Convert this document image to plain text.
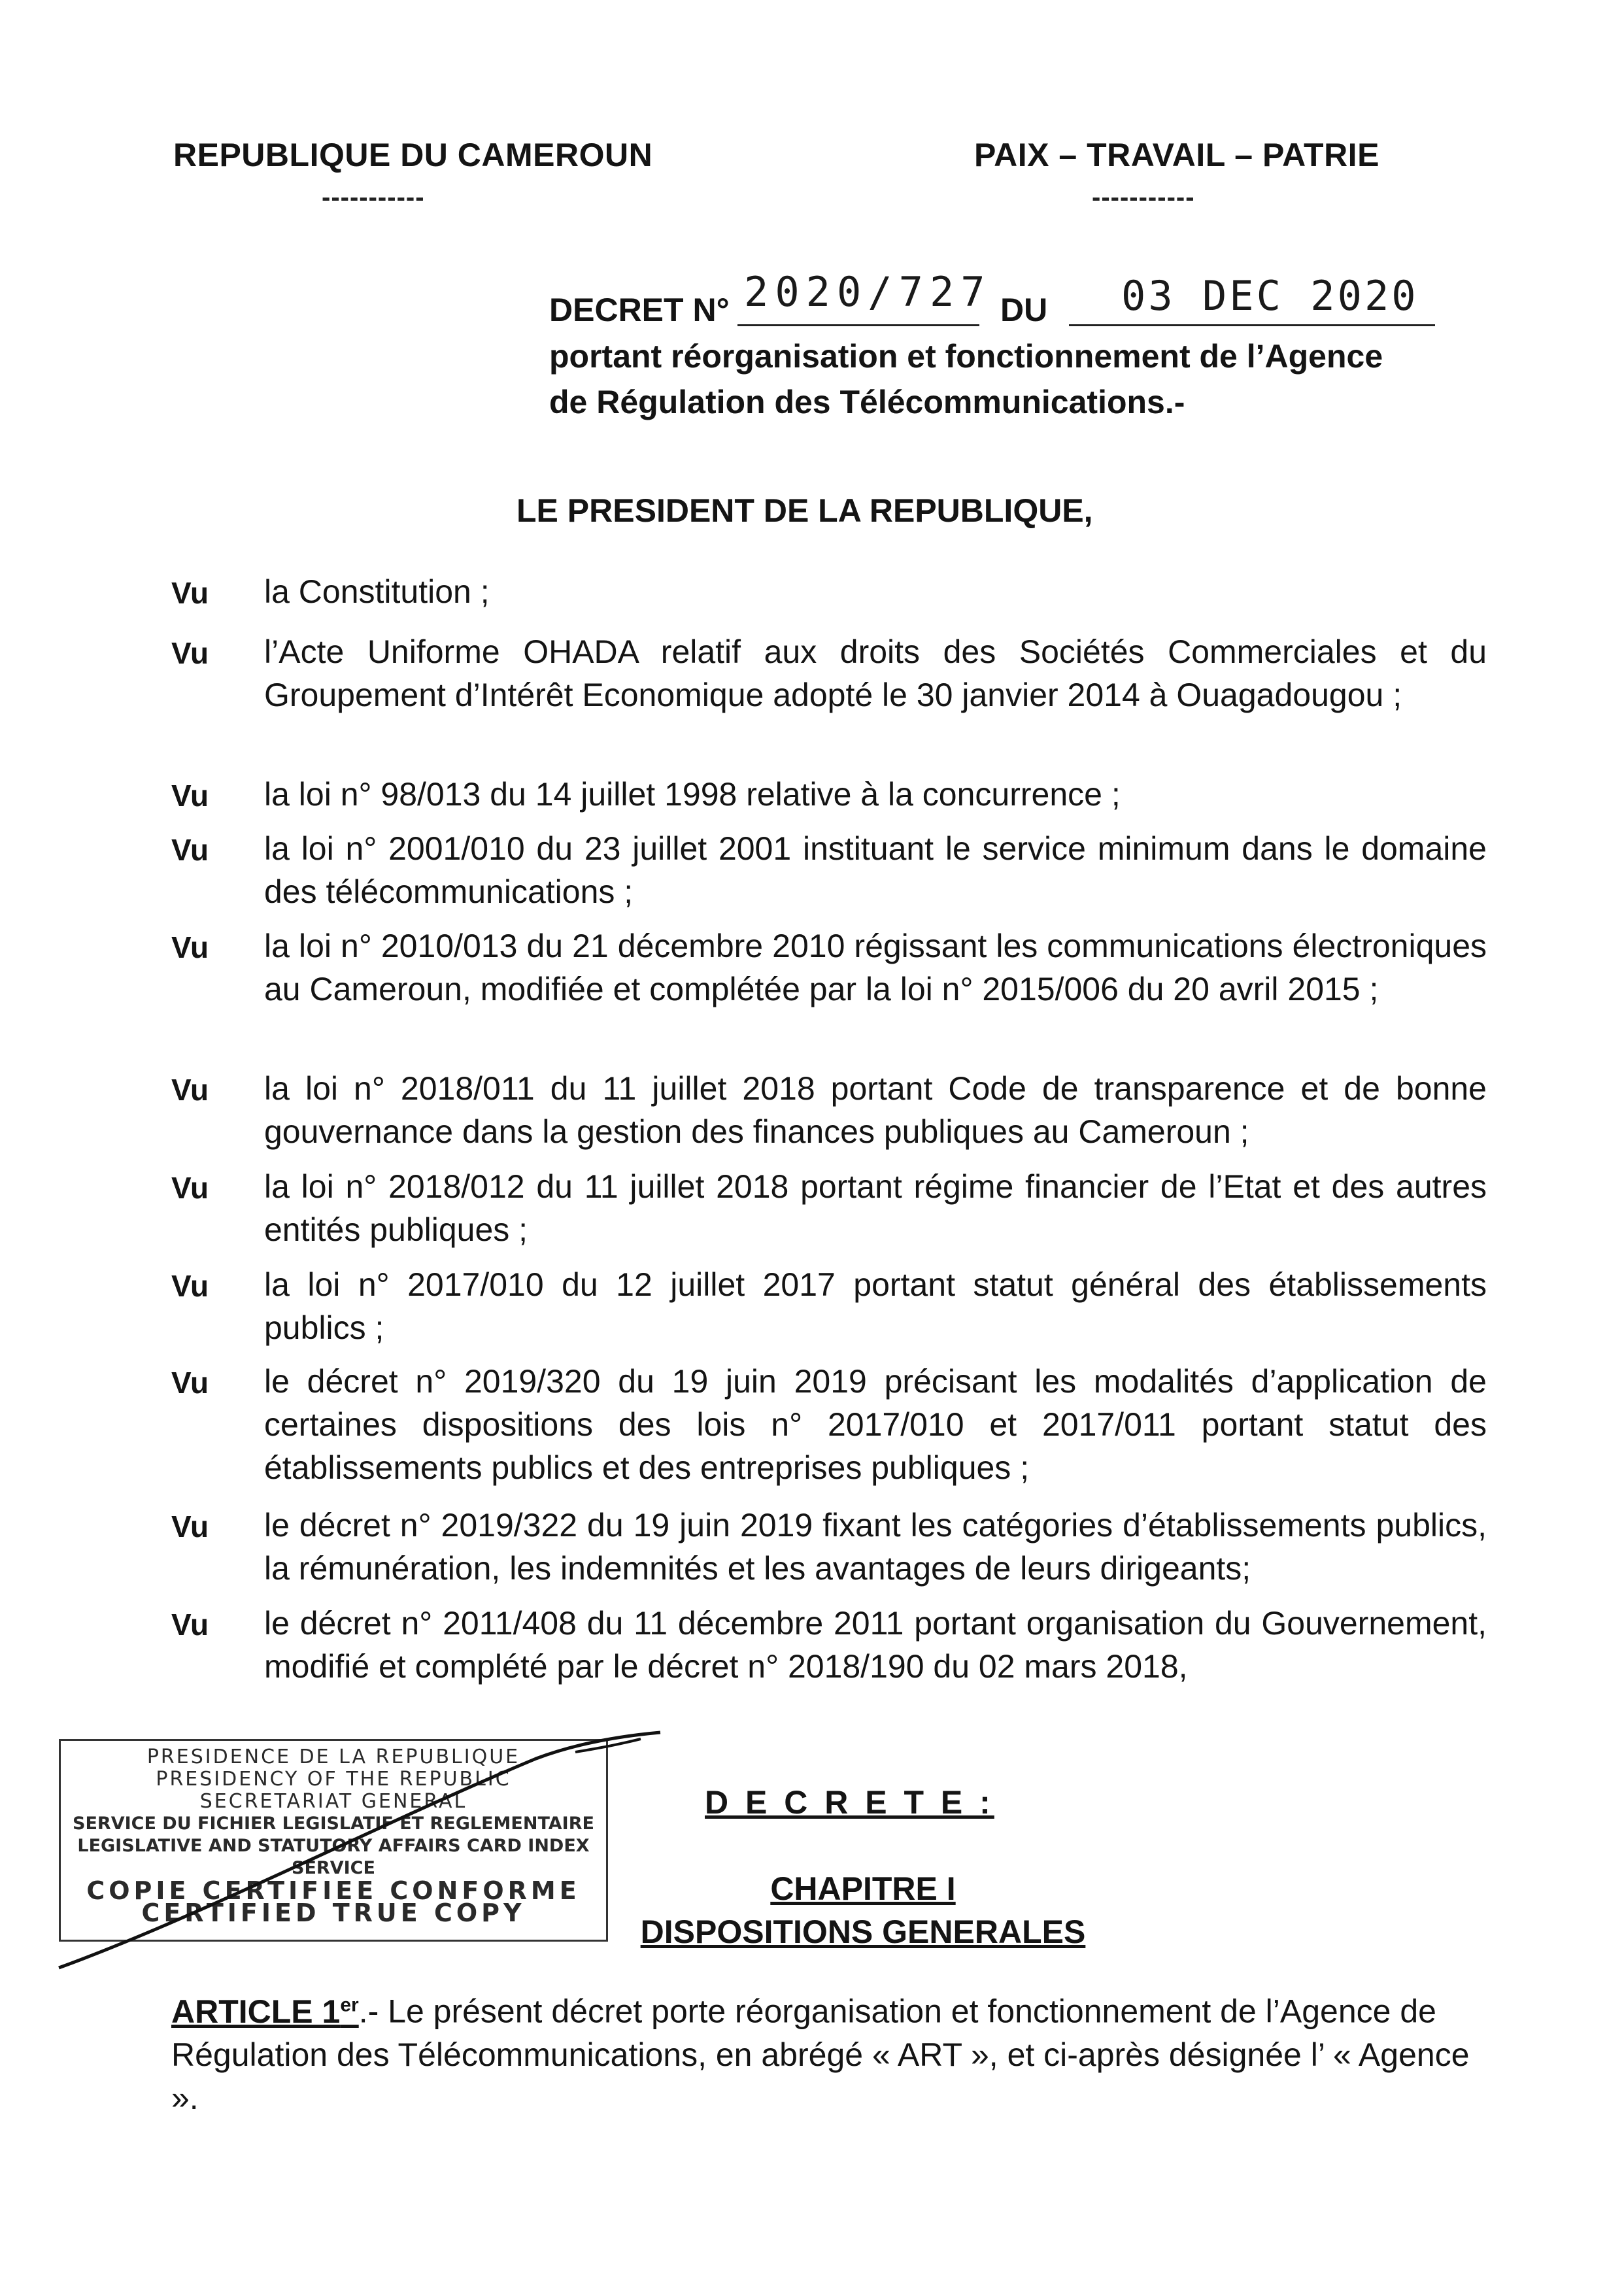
REPUBLIQUE DU CAMEROUN
-----------
PAIX – TRAVAIL – PATRIE
-----------
DECRET N° 2020/727 DU 03 DEC 2020
portant réorganisation et fonctionnement de l’Agence
de Régulation des Télécommunications.-
LE PRESIDENT DE LA REPUBLIQUE,
Vu	la Constitution ;
Vu	l’Acte Uniforme OHADA relatif aux droits des Sociétés Commerciales et du Groupement d’Intérêt Economique adopté le 30 janvier 2014 à Ouagadougou ;
Vu	la loi n° 98/013 du 14 juillet 1998 relative à la concurrence ;
Vu	la loi n° 2001/010 du 23 juillet 2001 instituant le service minimum dans le domaine des télécommunications ;
Vu	la loi n° 2010/013 du 21 décembre 2010 régissant les communications électroniques au Cameroun, modifiée et complétée par la loi n° 2015/006 du 20 avril 2015 ;
Vu	la loi n° 2018/011 du 11 juillet 2018 portant Code de transparence et de bonne gouvernance dans la gestion des finances publiques au Cameroun ;
Vu	la loi n° 2018/012 du 11 juillet 2018 portant régime financier de l’Etat et des autres entités publiques ;
Vu	la loi n° 2017/010 du 12 juillet 2017 portant statut général des établissements publics ;
Vu	le décret n° 2019/320 du 19 juin 2019 précisant les modalités d’application de certaines dispositions des lois n° 2017/010 et 2017/011 portant statut des établissements publics et des entreprises publiques ;
Vu	le décret n° 2019/322 du 19 juin 2019 fixant les catégories d’établissements publics, la rémunération, les indemnités et les avantages de leurs dirigeants;
Vu	le décret n° 2011/408 du 11 décembre 2011 portant organisation du Gouvernement, modifié et complété par le décret n° 2018/190 du 02 mars 2018,
PRESIDENCE DE LA REPUBLIQUE
PRESIDENCY OF THE REPUBLIC
SECRETARIAT GENERAL
SERVICE DU FICHIER LEGISLATIF ET REGLEMENTAIRE
LEGISLATIVE AND STATUTORY AFFAIRS CARD INDEX SERVICE
COPIE CERTIFIEE CONFORME
CERTIFIED TRUE COPY
D E C R E T E :
CHAPITRE I
DISPOSITIONS GENERALES
ARTICLE 1er.- Le présent décret porte réorganisation et fonctionnement de l’Agence de Régulation des Télécommunications, en abrégé « ART », et ci-après désignée l’ « Agence ».
